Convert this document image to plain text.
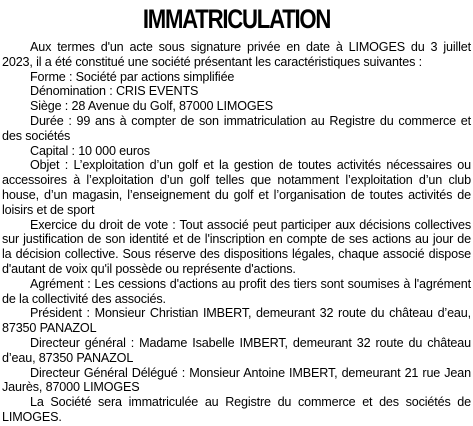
IMMATRICULATION

Aux termes d'un acte sous signature privée en date à LIMOGES du 3 juillet 2023, il a été constitué une société présentant les caractéristiques suivantes :

Forme : Société par actions simplifiée

Dénomination : CRIS EVENTS

Siège : 28 Avenue du Golf, 87000 LIMOGES

Durée : 99 ans à compter de son immatriculation au Registre du commerce et des sociétés

Capital : 10 000 euros

Objet : L’exploitation d’un golf et la gestion de toutes activités nécessaires ou accessoires à l’exploitation d’un golf telles que notamment l’exploitation d’un club house, d’un magasin, l’enseignement du golf et l’organisation de toutes activités de loisirs et de sport

Exercice du droit de vote : Tout associé peut participer aux décisions collectives sur justification de son identité et de l'inscription en compte de ses actions au jour de la décision collective. Sous réserve des dispositions légales, chaque associé dispose d'autant de voix qu'il possède ou représente d'actions.

Agrément : Les cessions d'actions au profit des tiers sont soumises à l'agrément de la collectivité des associés.

Président : Monsieur Christian IMBERT, demeurant 32 route du château d’eau, 87350 PANAZOL

Directeur général : Madame Isabelle IMBERT, demeurant 32 route du château d’eau, 87350 PANAZOL

Directeur Général Délégué : Monsieur Antoine IMBERT, demeurant 21 rue Jean Jaurès, 87000 LIMOGES

La Société sera immatriculée au Registre du commerce et des sociétés de LIMOGES.
